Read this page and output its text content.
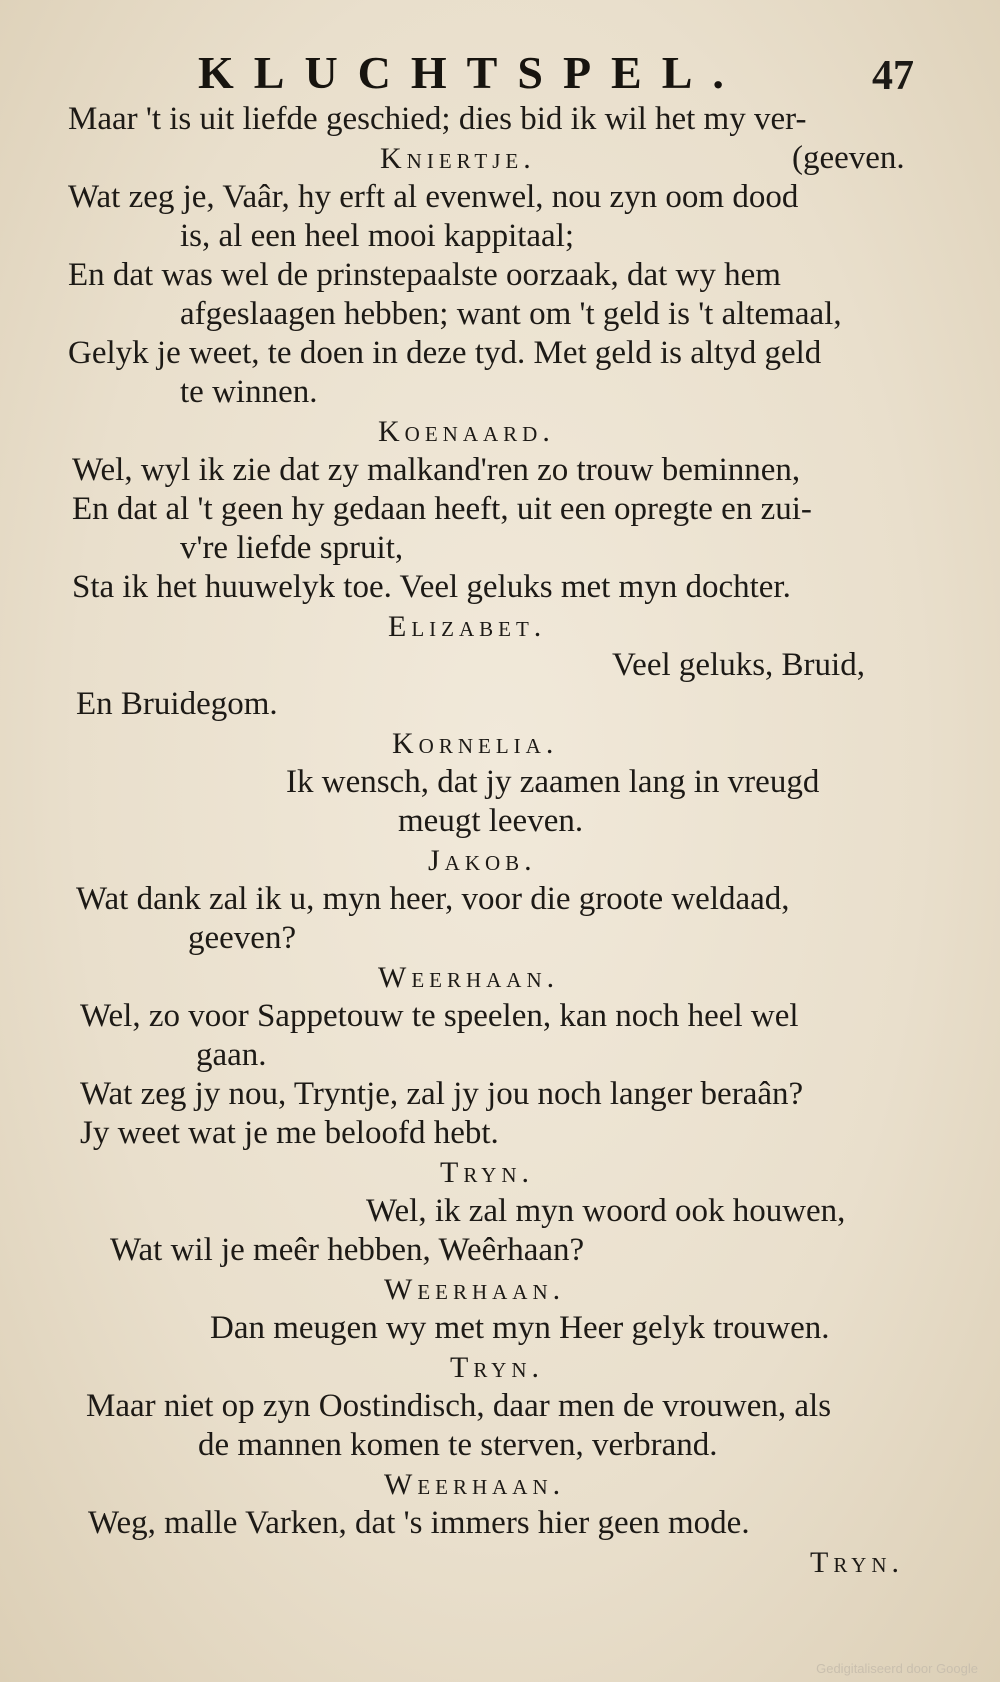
KLUCHTSPEL.	47
Maar 't is uit liefde geschied; dies bid ik wil het my ver-
Kniertje.	(geeven.
Wat zeg je, Vaâr, hy erft al evenwel, nou zyn oom dood
is, al een heel mooi kappitaal;
En dat was wel de prinstepaalste oorzaak, dat wy hem
afgeslaagen hebben; want om 't geld is 't altemaal,
Gelyk je weet, te doen in deze tyd. Met geld is altyd geld
te winnen.
Koenaard.
Wel, wyl ik zie dat zy malkand'ren zo trouw beminnen,
En dat al 't geen hy gedaan heeft, uit een opregte en zui-
v're liefde spruit,
Sta ik het huuwelyk toe. Veel geluks met myn dochter.
Elizabet.
Veel geluks, Bruid,
En Bruidegom.
Kornelia.
Ik wensch, dat jy zaamen lang in vreugd
meugt leeven.
Jakob.
Wat dank zal ik u, myn heer, voor die groote weldaad,
geeven?
Weerhaan.
Wel, zo voor Sappetouw te speelen, kan noch heel wel
gaan.
Wat zeg jy nou, Tryntje, zal jy jou noch langer beraân?
Jy weet wat je me beloofd hebt.
Tryn.
Wel, ik zal myn woord ook houwen,
Wat wil je meêr hebben, Weêrhaan?
Weerhaan.
Dan meugen wy met myn Heer gelyk trouwen.
Tryn.
Maar niet op zyn Oostindisch, daar men de vrouwen, als
de mannen komen te sterven, verbrand.
Weerhaan.
Weg, malle Varken, dat 's immers hier geen mode.
Tryn.
Gedigitaliseerd door Google
